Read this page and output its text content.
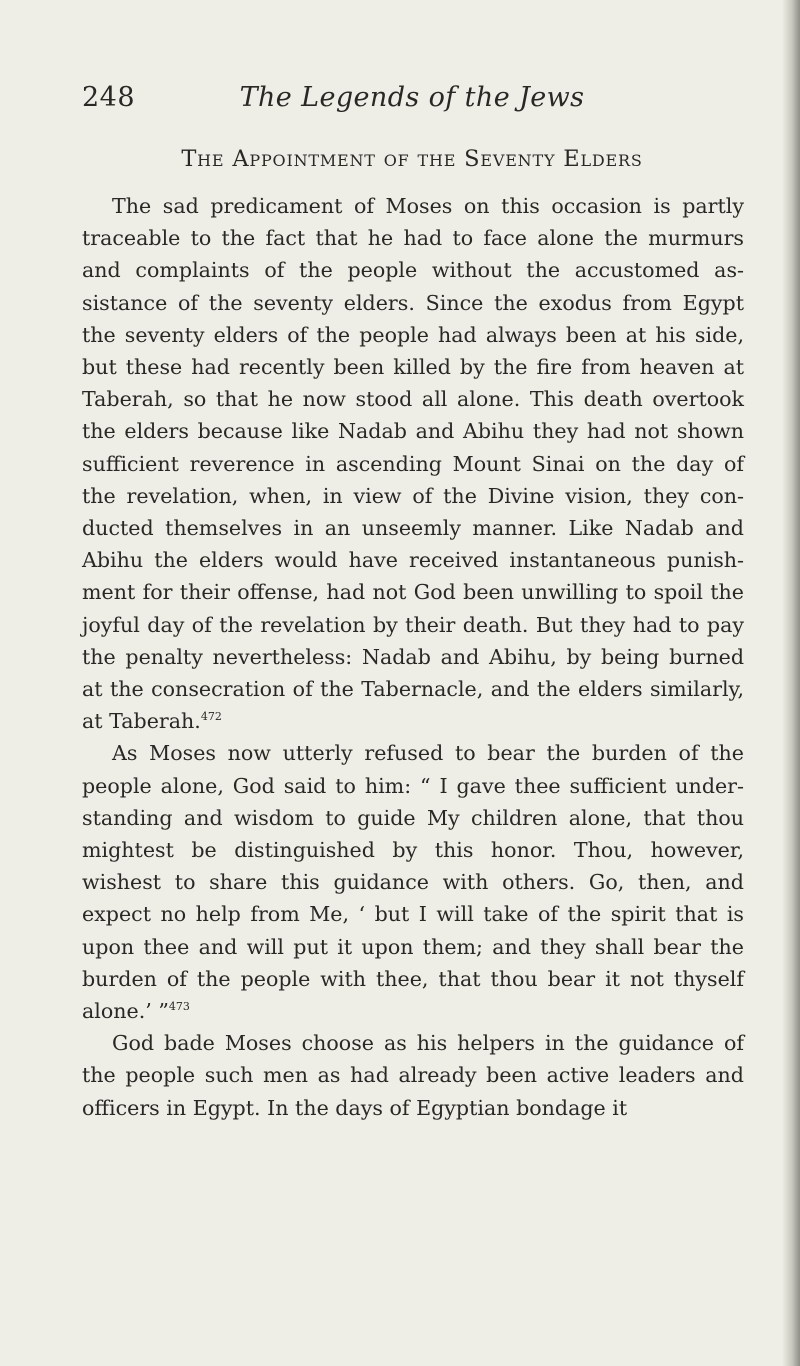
248	The Legends of the Jews
The Appointment of the Seventy Elders

The sad predicament of Moses on this occasion is partly traceable to the fact that he had to face alone the murmurs and complaints of the people without the accustomed assistance of the seventy elders. Since the exodus from Egypt the seventy elders of the people had always been at his side, but these had recently been killed by the fire from heaven at Taberah, so that he now stood all alone. This death overtook the elders because like Nadab and Abihu they had not shown sufficient reverence in ascending Mount Sinai on the day of the revelation, when, in view of the Divine vision, they conducted themselves in an unseemly manner. Like Nadab and Abihu the elders would have received instantaneous punishment for their offense, had not God been unwilling to spoil the joyful day of the revelation by their death. But they had to pay the penalty nevertheless: Nadab and Abihu, by being burned at the consecration of the Tabernacle, and the elders similarly, at Taberah.$^{472}$

As Moses now utterly refused to bear the burden of the people alone, God said to him: “ I gave thee sufficient understanding and wisdom to guide My children alone, that thou mightest be distinguished by this honor. Thou, however, wishest to share this guidance with others. Go, then, and expect no help from Me, ‘ but I will take of the spirit that is upon thee and will put it upon them; and they shall bear the burden of the people with thee, that thou bear it not thyself alone.’ ”$^{473}$

God bade Moses choose as his helpers in the guidance of the people such men as had already been active leaders and officers in Egypt. In the days of Egyptian bondage it
